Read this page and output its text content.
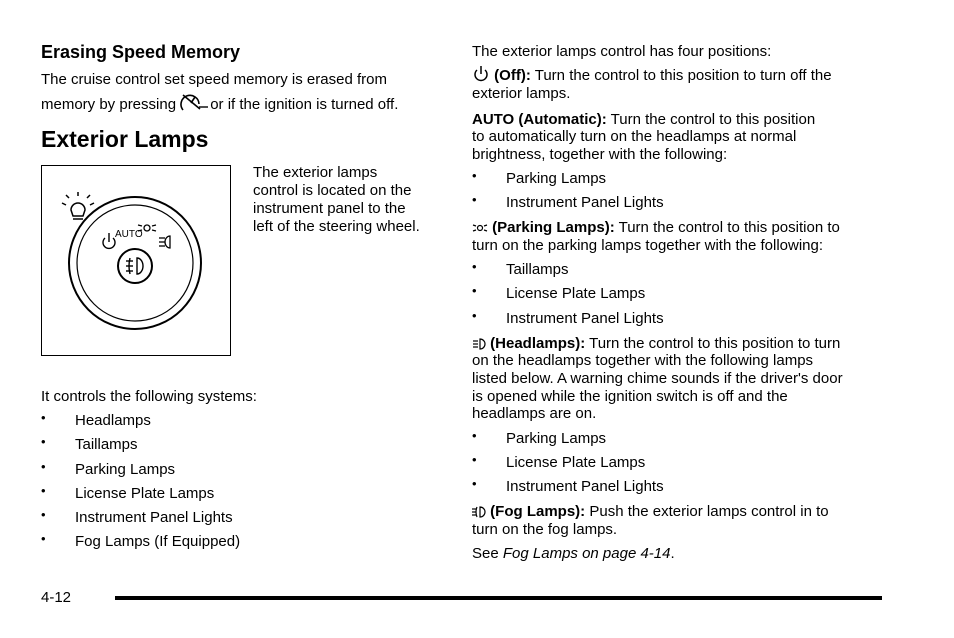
Erasing Speed Memory
The cruise control set speed memory is erased from
memory by pressing or if the ignition is turned off.
Exterior Lamps
AUTO
The exterior lamps
control is located on the
instrument panel to the
left of the steering wheel.
It controls the following systems:
• Headlamps
• Taillamps
• Parking Lamps
• License Plate Lamps
• Instrument Panel Lights
• Fog Lamps (If Equipped)
The exterior lamps control has four positions:
(Off): Turn the control to this position to turn off the
exterior lamps.
AUTO (Automatic): Turn the control to this position
to automatically turn on the headlamps at normal
brightness, together with the following:
• Parking Lamps
• Instrument Panel Lights
(Parking Lamps): Turn the control to this position to
turn on the parking lamps together with the following:
• Taillamps
• License Plate Lamps
• Instrument Panel Lights
(Headlamps): Turn the control to this position to turn
on the headlamps together with the following lamps
listed below. A warning chime sounds if the driver's door
is opened while the ignition switch is off and the
headlamps are on.
• Parking Lamps
• License Plate Lamps
• Instrument Panel Lights
(Fog Lamps): Push the exterior lamps control in to
turn on the fog lamps.
See Fog Lamps on page 4-14.
4-12
